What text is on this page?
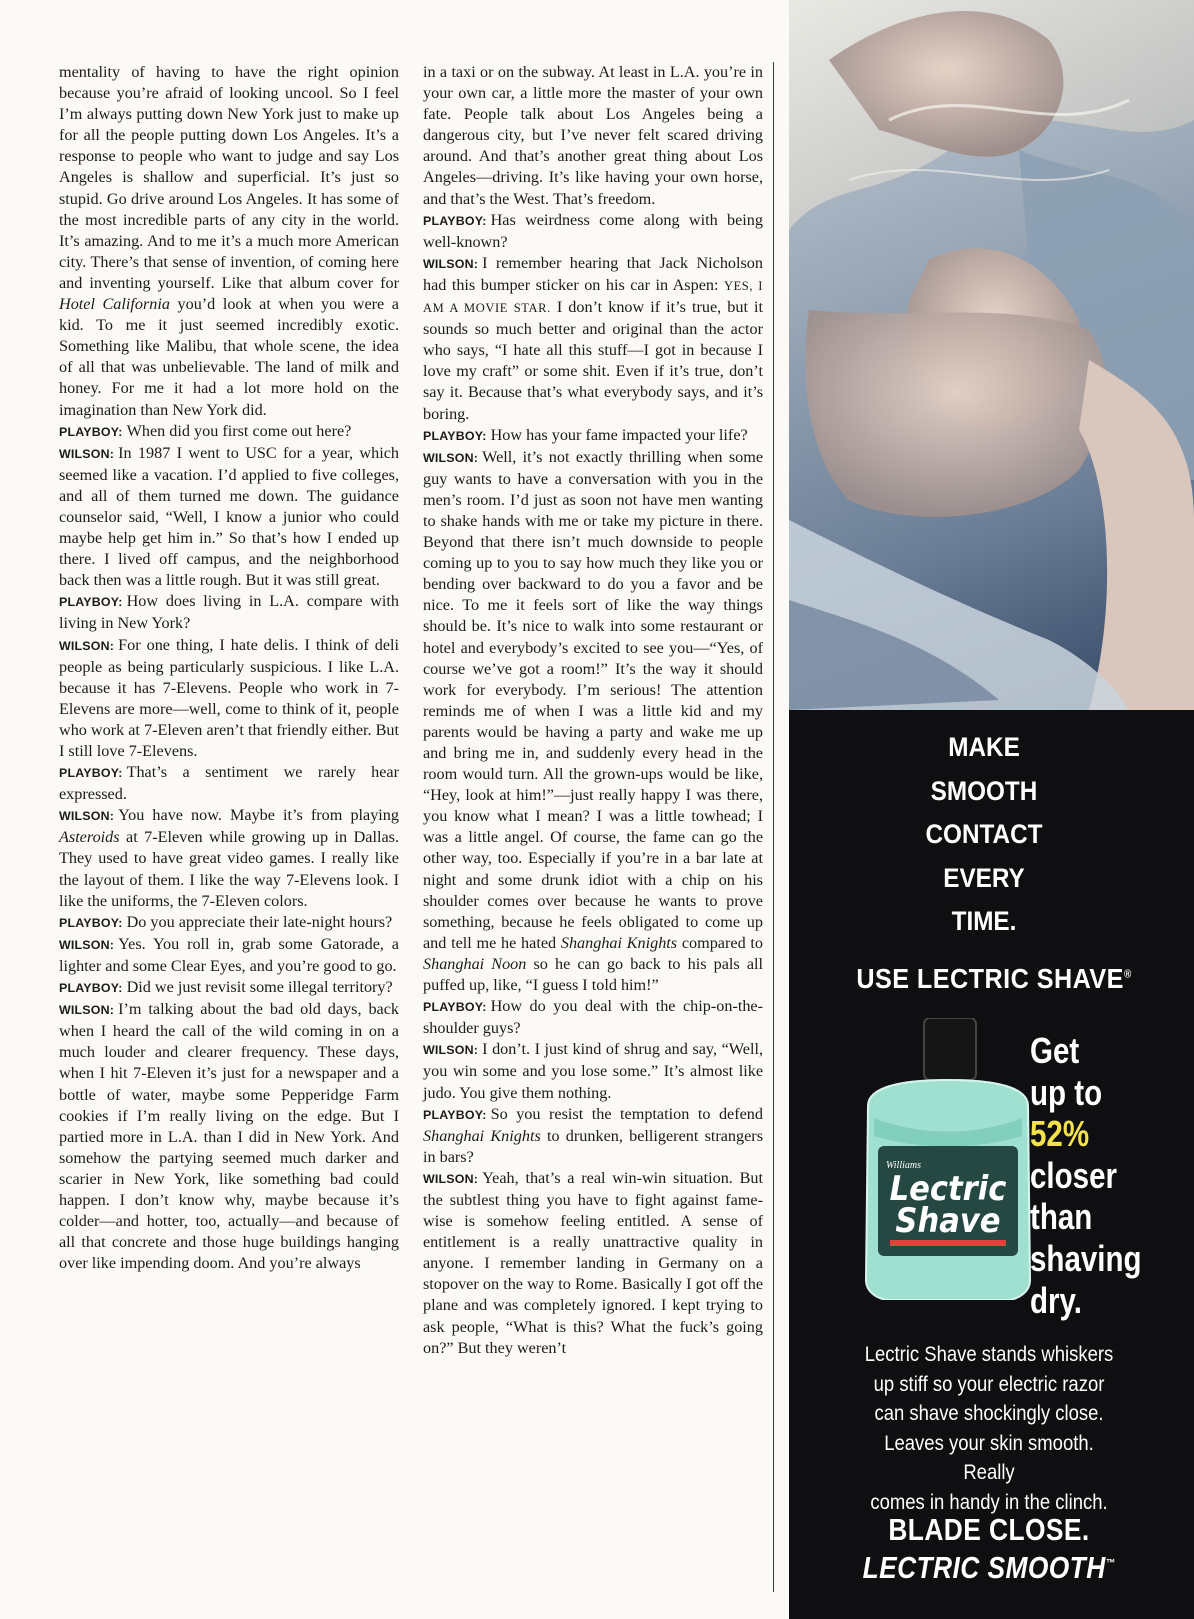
mentality of having to have the right opinion because you’re afraid of looking uncool. So I feel I’m always putting down New York just to make up for all the people putting down Los Angeles. It’s a response to people who want to judge and say Los Angeles is shallow and superficial. It’s just so stupid. Go drive around Los Angeles. It has some of the most incredible parts of any city in the world. It’s amazing. And to me it’s a much more American city. There’s that sense of invention, of coming here and inventing yourself. Like that album cover for Hotel California you’d look at when you were a kid. To me it just seemed incredibly exotic. Something like Malibu, that whole scene, the idea of all that was unbelievable. The land of milk and honey. For me it had a lot more hold on the imagination than New York did.

PLAYBOY: When did you first come out here?

WILSON: In 1987 I went to USC for a year, which seemed like a vacation. I’d applied to five colleges, and all of them turned me down. The guidance counselor said, “Well, I know a junior who could maybe help get him in.” So that’s how I ended up there. I lived off campus, and the neighborhood back then was a little rough. But it was still great.

PLAYBOY: How does living in L.A. compare with living in New York?

WILSON: For one thing, I hate delis. I think of deli people as being particularly suspicious. I like L.A. because it has 7-Elevens. People who work in 7-Elevens are more—well, come to think of it, people who work at 7-Eleven aren’t that friendly either. But I still love 7-Elevens.

PLAYBOY: That’s a sentiment we rarely hear expressed.

WILSON: You have now. Maybe it’s from playing Asteroids at 7-Eleven while growing up in Dallas. They used to have great video games. I really like the layout of them. I like the way 7-Elevens look. I like the uniforms, the 7-Eleven colors.

PLAYBOY: Do you appreciate their late-night hours?

WILSON: Yes. You roll in, grab some Gatorade, a lighter and some Clear Eyes, and you’re good to go.

PLAYBOY: Did we just revisit some illegal territory?

WILSON: I’m talking about the bad old days, back when I heard the call of the wild coming in on a much louder and clearer frequency. These days, when I hit 7-Eleven it’s just for a newspaper and a bottle of water, maybe some Pepperidge Farm cookies if I’m really living on the edge. But I partied more in L.A. than I did in New York. And somehow the partying seemed much darker and scarier in New York, like something bad could happen. I don’t know why, maybe because it’s colder—and hotter, too, actually—and because of all that concrete and those huge buildings hanging over like impending doom. And you’re always

in a taxi or on the subway. At least in L.A. you’re in your own car, a little more the master of your own fate. People talk about Los Angeles being a dangerous city, but I’ve never felt scared driving around. And that’s another great thing about Los Angeles—driving. It’s like having your own horse, and that’s the West. That’s freedom.

PLAYBOY: Has weirdness come along with being well-known?

WILSON: I remember hearing that Jack Nicholson had this bumper sticker on his car in Aspen: YES, I AM A MOVIE STAR. I don’t know if it’s true, but it sounds so much better and original than the actor who says, “I hate all this stuff—I got in because I love my craft” or some shit. Even if it’s true, don’t say it. Because that’s what everybody says, and it’s boring.

PLAYBOY: How has your fame impacted your life?

WILSON: Well, it’s not exactly thrilling when some guy wants to have a conversation with you in the men’s room. I’d just as soon not have men wanting to shake hands with me or take my picture in there. Beyond that there isn’t much downside to people coming up to you to say how much they like you or bending over backward to do you a favor and be nice. To me it feels sort of like the way things should be. It’s nice to walk into some restaurant or hotel and everybody’s excited to see you—“Yes, of course we’ve got a room!” It’s the way it should work for everybody. I’m serious! The attention reminds me of when I was a little kid and my parents would be having a party and wake me up and bring me in, and suddenly every head in the room would turn. All the grown-ups would be like, “Hey, look at him!”—just really happy I was there, you know what I mean? I was a little towhead; I was a little angel. Of course, the fame can go the other way, too. Especially if you’re in a bar late at night and some drunk idiot with a chip on his shoulder comes over because he wants to prove something, because he feels obligated to come up and tell me he hated Shanghai Knights compared to Shanghai Noon so he can go back to his pals all puffed up, like, “I guess I told him!”

PLAYBOY: How do you deal with the chip-on-the-shoulder guys?

WILSON: I don’t. I just kind of shrug and say, “Well, you win some and you lose some.” It’s almost like judo. You give them nothing.

PLAYBOY: So you resist the temptation to defend Shanghai Knights to drunken, belligerent strangers in bars?

WILSON: Yeah, that’s a real win-win situation. But the subtlest thing you have to fight against fame-wise is somehow feeling entitled. A sense of entitlement is a really unattractive quality in anyone. I remember landing in Germany on a stopover on the way to Rome. Basically I got off the plane and was completely ignored. I kept trying to ask people, “What is this? What the fuck’s going on?” But they weren’t

MAKE
SMOOTH
CONTACT
EVERY
TIME.
USE LECTRIC SHAVE®
Get
up to
52%
closer
than
shaving
dry.
Lectric Shave stands whiskers
up stiff so your electric razor
can shave shockingly close.
Leaves your skin smooth. Really
comes in handy in the clinch.
BLADE CLOSE.
LECTRIC SMOOTH™
Williams
Lectric
Shave
